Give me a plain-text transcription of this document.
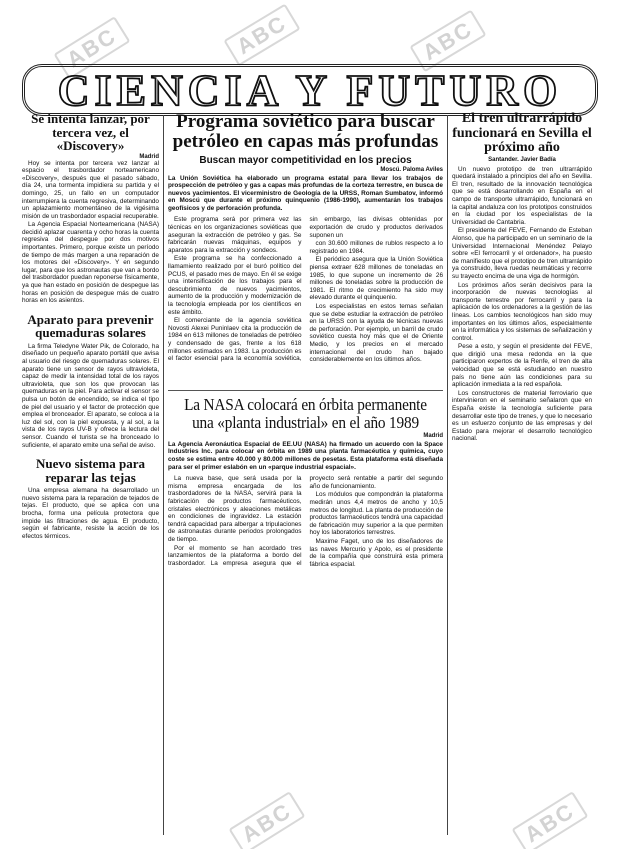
ABC	ABC	ABC
ABC	ABC
CIENCIA Y FUTURO
Se intenta lanzar, por tercera vez, el «Discovery»
Madrid

Hoy se intenta por tercera vez lanzar al espacio el trasbordador norteamericano «Discovery», después que el pasado sábado, día 24, una tormenta impidiera su partida y el domingo, 25, un fallo en un computador interrumpiera la cuenta regresiva, determinando un aplazamiento momentáneo de la vigésima misión de un trasbordador espacial recuperable.

La Agencia Espacial Norteamericana (NASA) decidió aplazar cuarenta y ocho horas la cuenta regresiva del despegue por dos motivos importantes. Primero, porque existe un período de tiempo de más margen a una reparación de los motores del «Discovery». Y en segundo lugar, para que los astronautas que van a bordo del trasbordador puedan reponerse físicamente, ya que han estado en posición de despegue las horas en posición de despegue más de cuatro horas en los asientos.

Aparato para prevenir quemaduras solares

La firma Teledyne Water Pik, de Colorado, ha diseñado un pequeño aparato portátil que avisa al usuario del riesgo de quemaduras solares. El aparato tiene un sensor de rayos ultravioleta, capaz de medir la intensidad total de los rayos ultravioleta, que son los que provocan las quemaduras en la piel. Para activar el sensor se pulsa un botón de encendido, se indica el tipo de piel del usuario y el factor de protección que emplea el bronceador. El aparato, se coloca a la luz del sol, con la piel expuesta, y al sol, a la vista de los rayos UV-B y ofrece la lectura del sensor. Cuando el turista se ha bronceado lo suficiente, el aparato emite una señal de aviso.

Nuevo sistema para reparar las tejas

Una empresa alemana ha desarrollado un nuevo sistema para la reparación de tejados de tejas. El producto, que se aplica con una brocha, forma una película protectora que impide las filtraciones de agua. El producto, según el fabricante, resiste la acción de los efectos térmicos.

Programa soviético para buscar petróleo en capas más profundas
Buscan mayor competitividad en los precios
Moscú. Paloma Aviles

La Unión Soviética ha elaborado un programa estatal para llevar los trabajos de prospección de petróleo y gas a capas más profundas de la corteza terrestre, en busca de nuevos yacimientos. El vicerministro de Geología de la URSS, Roman Sumbatov, informó en Moscú que durante el próximo quinquenio (1986-1990), aumentarán los trabajos geofísicos y de perforación profunda.

Este programa será por primera vez las técnicas en los organizaciones soviéticas que aseguran la extracción de petróleo y gas. Se fabricarán nuevas máquinas, equipos y aparatos para la extracción y sondeos.

Este programa se ha confeccionado a llamamiento realizado por el buró político del PCUS, el pasado mes de mayo. En él se exige una intensificación de los trabajos para el descubrimiento de nuevos yacimientos, aumento de la producción y modernización de la tecnología empleada por los científicos en este ámbito.

El comerciante de la agencia soviética Novosti Alexei Puninlaev cita la producción de 1984 en 613 millones de toneladas de petróleo y condensado de gas, frente a los 618 millones estimados en 1983. La producción es el factor esencial para la economía soviética, sin embargo, las divisas obtenidas por exportación de crudo y productos derivados suponen un

con 30.600 millones de rublos respecto a lo registrado en 1984.

El periódico asegura que la Unión Soviética piensa extraer 628 millones de toneladas en 1985, lo que supone un incremento de 26 millones de toneladas sobre la producción de 1981. El ritmo de crecimiento ha sido muy elevado durante el quinquenio.

Los especialistas en estos temas señalan que se debe estudiar la extracción de petróleo en la URSS con la ayuda de técnicas nuevas de perforación. Por ejemplo, un barril de crudo soviético cuesta hoy más que el de Oriente Medio, y los precios en el mercado internacional del crudo han bajado considerablemente en los últimos años.

La NASA colocará en órbita permanente una «planta industrial» en el año 1989
Madrid

La Agencia Aeronáutica Espacial de EE.UU (NASA) ha firmado un acuerdo con la Space Industries Inc. para colocar en órbita en 1989 una planta farmacéutica y química, cuyo coste se estima entre 40.000 y 80.000 millones de pesetas. Esta plataforma está diseñada para ser el primer eslabón en un «parque industrial espacial».

La nueva base, que será usada por la misma empresa encargada de los trasbordadores de la NASA, servirá para la fabricación de productos farmacéuticos, cristales electrónicos y aleaciones metálicas en condiciones de ingravidez. La estación tendrá capacidad para albergar a tripulaciones de astronautas durante periodos prolongados de tiempo.

Por el momento se han acordado tres lanzamientos de la plataforma a bordo del trasbordador. La empresa asegura que el proyecto será rentable a partir del segundo año de funcionamiento.

Los módulos que compondrán la plataforma medirán unos 4,4 metros de ancho y 10,5 metros de longitud. La planta de producción de productos farmacéuticos tendrá una capacidad de fabricación muy superior a la que permiten hoy los laboratorios terrestres.

Maxime Faget, uno de los diseñadores de las naves Mercurio y Apolo, es el presidente de la compañía que construirá esta primera fábrica espacial.

El tren ultrarrápido funcionará en Sevilla el próximo año
Santander. Javier Badía

Un nuevo prototipo de tren ultrarrápido quedará instalado a principios del año en Sevilla. El tren, resultado de la innovación tecnológica que se está desarrollando en España en el campo de transporte ultrarrápido, funcionará en la capital andaluza con los prototipos construidos en la ciudad por los especialistas de la Universidad de Cantabria.

El presidente del FEVE, Fernando de Esteban Alonso, que ha participado en un seminario de la Universidad Internacional Menéndez Pelayo sobre «El ferrocarril y el ordenador», ha puesto de manifiesto que el prototipo de tren ultrarrápido ya construido, lleva ruedas neumáticas y recorre su trayecto encima de una viga de hormigón.

Los próximos años serán decisivos para la incorporación de nuevas tecnologías al transporte terrestre por ferrocarril y para la aplicación de los ordenadores a la gestión de las líneas. Los cambios tecnológicos han sido muy importantes en los últimos años, especialmente en la informática y los sistemas de señalización y control.

Pese a esto, y según el presidente del FEVE, que dirigió una mesa redonda en la que participaron expertos de la Renfe, el tren de alta velocidad que se está estudiando en nuestro país no tiene aún las condiciones para su aplicación inmediata a la red española.

Los constructores de material ferroviario que intervinieron en el seminario señalaron que en España existe la tecnología suficiente para desarrollar este tipo de trenes, y que lo necesario es un esfuerzo conjunto de las empresas y del Estado para mejorar el desarrollo tecnológico nacional.
